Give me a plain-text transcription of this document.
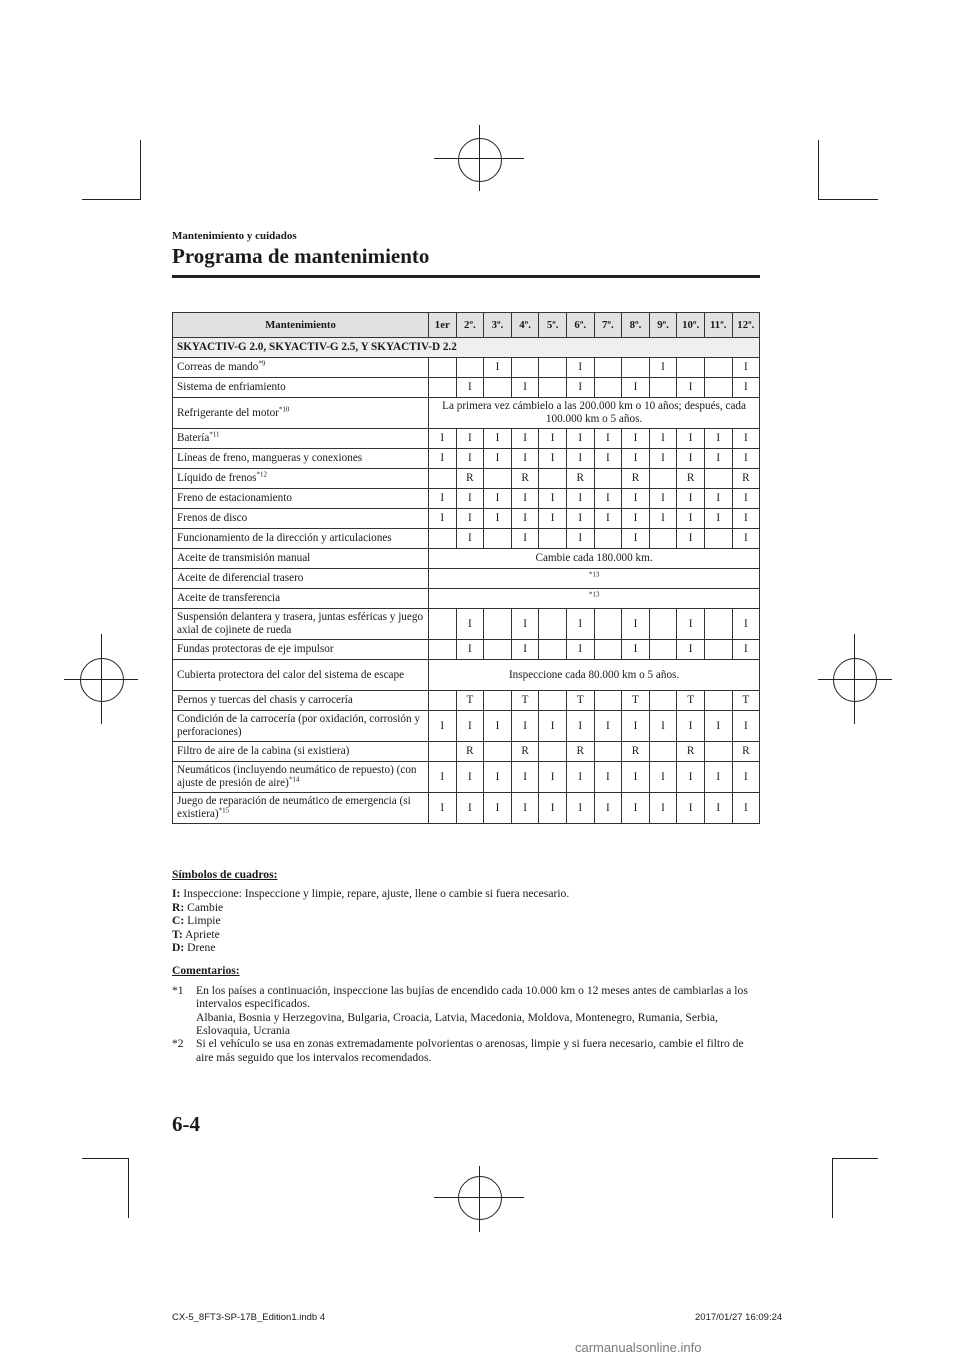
Mantenimiento y cuidados
Programa de mantenimiento
Mantenimiento	1er	2º.	3º.	4º.	5º.	6º.	7º.	8º.	9º.	10º.	11º.	12º.
SKYACTIV-G 2.0, SKYACTIV-G 2.5, Y SKYACTIV-D 2.2												
Correas de mando$^{*9}$			I			I			I			I
Sistema de enfriamiento		I		I		I		I		I		I
Refrigerante del motor$^{*10}$	La primera vez cámbielo a las 200.000 km o 10 años; después, cada 100.000 km o 5 años.											
Batería$^{*11}$	I	I	I	I	I	I	I	I	I	I	I	I
Líneas de freno, mangueras y conexiones	I	I	I	I	I	I	I	I	I	I	I	I
Líquido de frenos$^{*12}$		R		R		R		R		R		R
Freno de estacionamiento	I	I	I	I	I	I	I	I	I	I	I	I
Frenos de disco	I	I	I	I	I	I	I	I	I	I	I	I
Funcionamiento de la dirección y articulaciones		I		I		I		I		I		I
Aceite de transmisión manual	Cambie cada 180.000 km.											
Aceite de diferencial trasero	$^{*13}$
Aceite de transferencia	$^{*13}$
Suspensión delantera y trasera, juntas esféricas y juego axial de cojinete de rueda		I		I		I		I		I		I
Fundas protectoras de eje impulsor		I		I		I		I		I		I
Cubierta protectora del calor del sistema de escape	Inspeccione cada 80.000 km o 5 años.											
Pernos y tuercas del chasis y carrocería		T		T		T		T		T		T
Condición de la carrocería (por oxidación, corrosión y perforaciones)	I	I	I	I	I	I	I	I	I	I	I	I
Filtro de aire de la cabina (si existiera)		R		R		R		R		R		R
Neumáticos (incluyendo neumático de repuesto) (con ajuste de presión de aire)$^{*14}$	I	I	I	I	I	I	I	I	I	I	I	I
Juego de reparación de neumático de emergencia (si existiera)$^{*15}$	I	I	I	I	I	I	I	I	I	I	I	I
Símbolos de cuadros:
I: Inspeccione: Inspeccione y limpie, repare, ajuste, llene o cambie si fuera necesario.
R: Cambie
C: Limpie
T: Apriete
D: Drene
Comentarios:
*1 En los países a continuación, inspeccione las bujías de encendido cada 10.000 km o 12 meses antes de cambiarlas a los intervalos especificados.
Albania, Bosnia y Herzegovina, Bulgaria, Croacia, Latvia, Macedonia, Moldova, Montenegro, Rumania, Serbia, Eslovaquia, Ucrania
*2 Si el vehículo se usa en zonas extremadamente polvorientas o arenosas, limpie y si fuera necesario, cambie el filtro de aire más seguido que los intervalos recomendados.
6-4
CX-5_8FT3-SP-17B_Edition1.indb 4	2017/01/27 16:09:24
carmanualsonline.info
